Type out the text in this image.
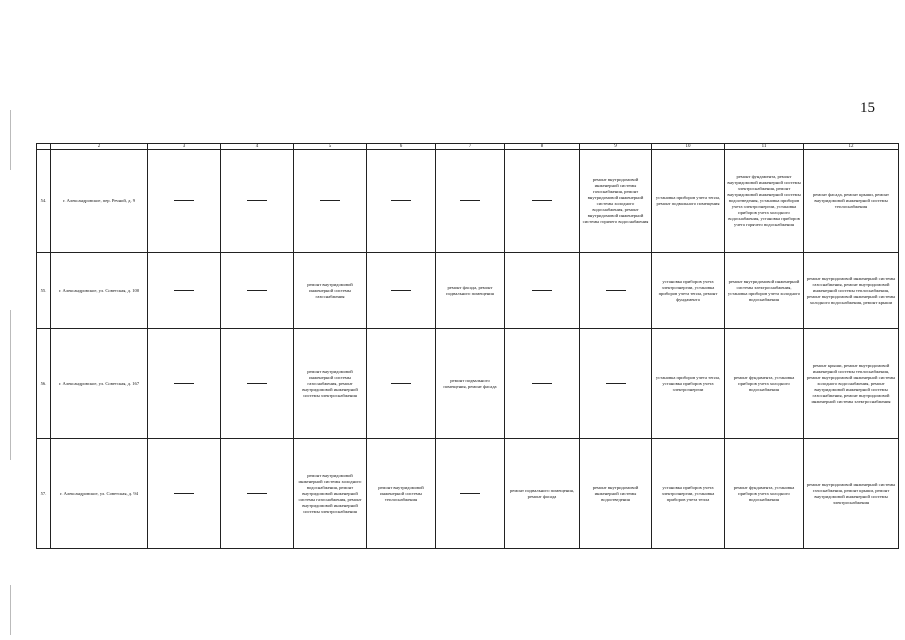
15
	2	3	4	5	6	7	8	9	10	11	12
54.	г. Александровское, пер. Речной, д. 9							ремонт внутридомовой инженерной системы газоснабжения, ремонт внутридомовой инженерной системы холодного водоснабжения, ремонт внутридомовой инженерной системы горячего водоснабжения	установка приборов учета тепла, ремонт подвального помещения	ремонт фундамента, ремонт внутридомовой инженерной системы электроснабжения, ремонт внутридомовой инженерной системы водоотведения, установка приборов учета электроэнергии, установка приборов учета холодного водоснабжения, установка приборов учета горячего водоснабжения	ремонт фасада, ремонт крыши, ремонт внутридомовой инженерной системы теплоснабжения
55.	г. Александровское, ул. Советская, д. 100			ремонт внутридомовой инженерной системы газоснабжения		ремонт фасада, ремонт подвального помещения			установка приборов учета электроэнергии, установка приборов учета тепла, ремонт фундамента	ремонт внутридомовой инженерной системы электроснабжения, установка приборов учета холодного водоснабжения	ремонт внутридомовой инженерной системы газоснабжения, ремонт внутридомовой инженерной системы теплоснабжения, ремонт внутридомовой инженерной системы холодного водоснабжения, ремонт крыши
56.	г. Александровское, ул. Советская, д. 167			ремонт внутридомовой инженерной системы газоснабжения, ремонт внутридомовой инженерной системы электроснабжения		ремонт подвального помещения, ремонт фасада			установка приборов учета тепла, установка приборов учета электроэнергии	ремонт фундамента, установка приборов учета холодного водоснабжения	ремонт крыши, ремонт внутридомовой инженерной системы теплоснабжения, ремонт внутридомовой инженерной системы холодного водоснабжения, ремонт внутридомовой инженерной системы газоснабжения, ремонт внутридомовой инженерной системы электроснабжения
57.	г. Александровское, ул. Советская, д. 94			ремонт внутридомовой инженерной системы холодного водоснабжения, ремонт внутридомовой инженерной системы газоснабжения, ремонт внутридомовой инженерной системы электроснабжения	ремонт внутридомовой инженерной системы теплоснабжения		ремонт подвального помещения, ремонт фасада	ремонт внутридомовой инженерной системы водоотведения	установка приборов учета электроэнергии, установка приборов учета тепла	ремонт фундамента, установка приборов учета холодного водоснабжения	ремонт внутридомовой инженерной системы газоснабжения, ремонт крыши, ремонт внутридомовой инженерной системы электроснабжения
